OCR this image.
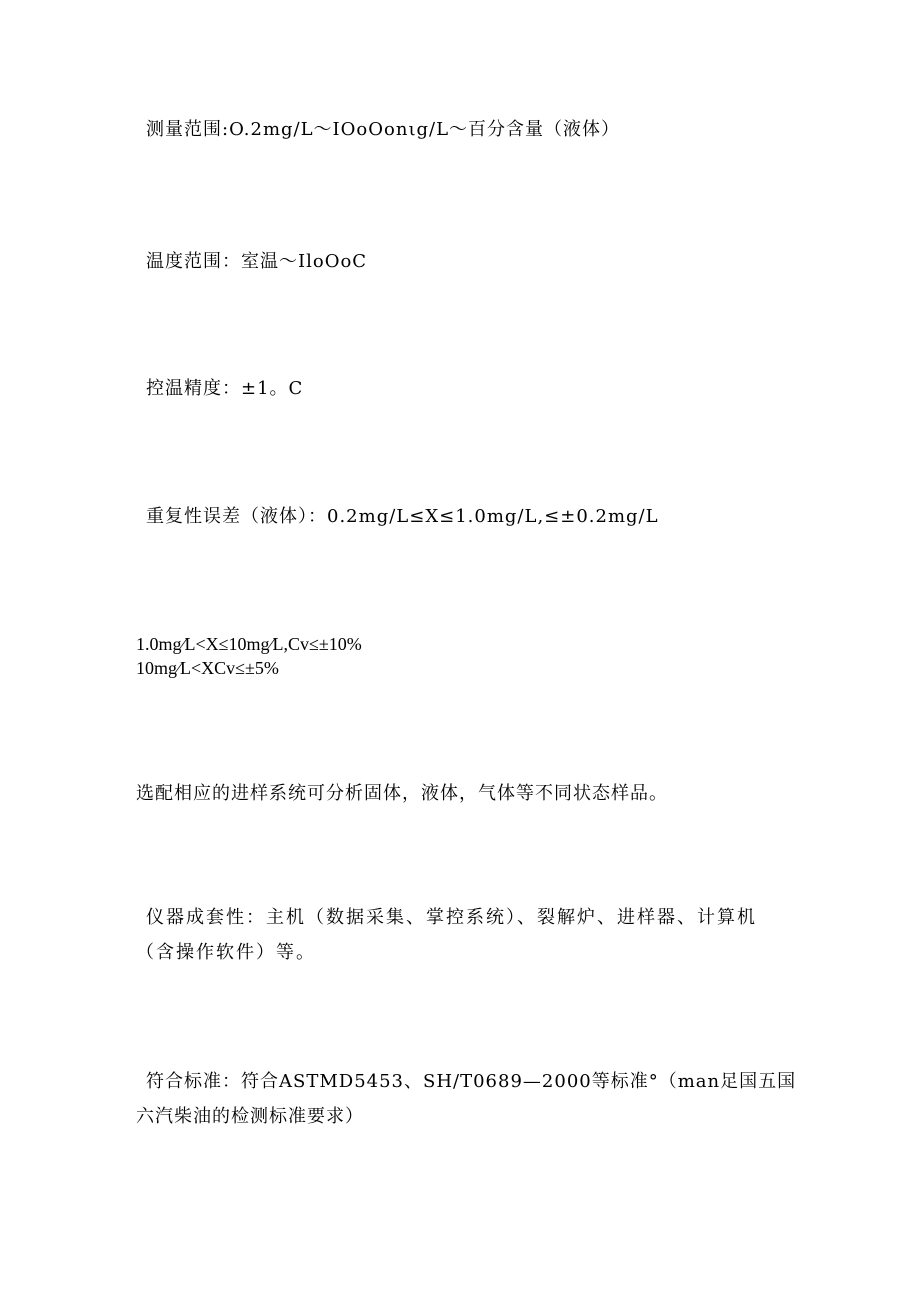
测量范围:O.2mg∕L～IOoOonιg∕L～百分含量（液体）
温度范围：室温～IloOoC
控温精度：±1。C
重复性误差（液体）：0.2mg∕L≤X≤1.0mg∕L,≤±0.2mg∕L
1.0mg∕L<X≤10mg∕L,Cv≤±10%
10mg∕L<XCv≤±5%
选配相应的进样系统可分析固体，液体，气体等不同状态样品。
仪器成套性：主机（数据采集、掌控系统）、裂解炉、进样器、计算机
（含操作软件）等。
符合标准：符合ASTMD5453、SH/T0689—2000等标准°（man足国五国
六汽柴油的检测标准要求）
